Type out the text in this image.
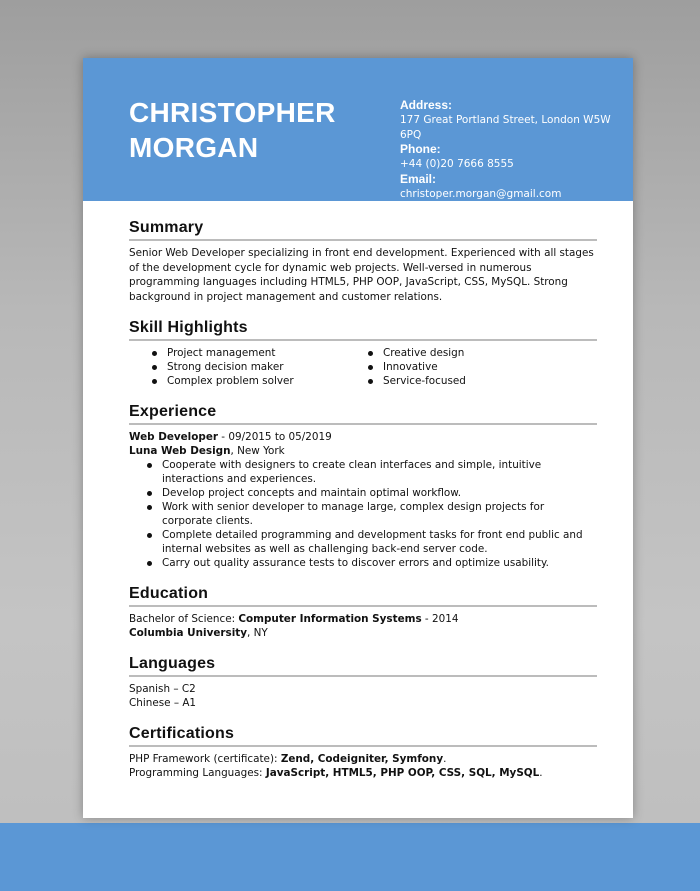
CHRISTOPHER
MORGAN
Address:
177 Great Portland Street, London W5W 6PQ
Phone:
+44 (0)20 7666 8555
Email:
christoper.morgan@gmail.com
Summary
Senior Web Developer specializing in front end development. Experienced with all stages of the development cycle for dynamic web projects. Well-versed in numerous programming languages including HTML5, PHP OOP, JavaScript, CSS, MySQL. Strong background in project management and customer relations.
Skill Highlights
Project management
Strong decision maker
Complex problem solver
Creative design
Innovative
Service-focused
Experience
Web Developer - 09/2015 to 05/2019
Luna Web Design, New York
Cooperate with designers to create clean interfaces and simple, intuitive interactions and experiences.
Develop project concepts and maintain optimal workflow.
Work with senior developer to manage large, complex design projects for corporate clients.
Complete detailed programming and development tasks for front end public and internal websites as well as challenging back-end server code.
Carry out quality assurance tests to discover errors and optimize usability.
Education
Bachelor of Science: Computer Information Systems - 2014
Columbia University, NY
Languages
Spanish – C2
Chinese – A1
Certifications
PHP Framework (certificate): Zend, Codeigniter, Symfony.
Programming Languages: JavaScript, HTML5, PHP OOP, CSS, SQL, MySQL.
